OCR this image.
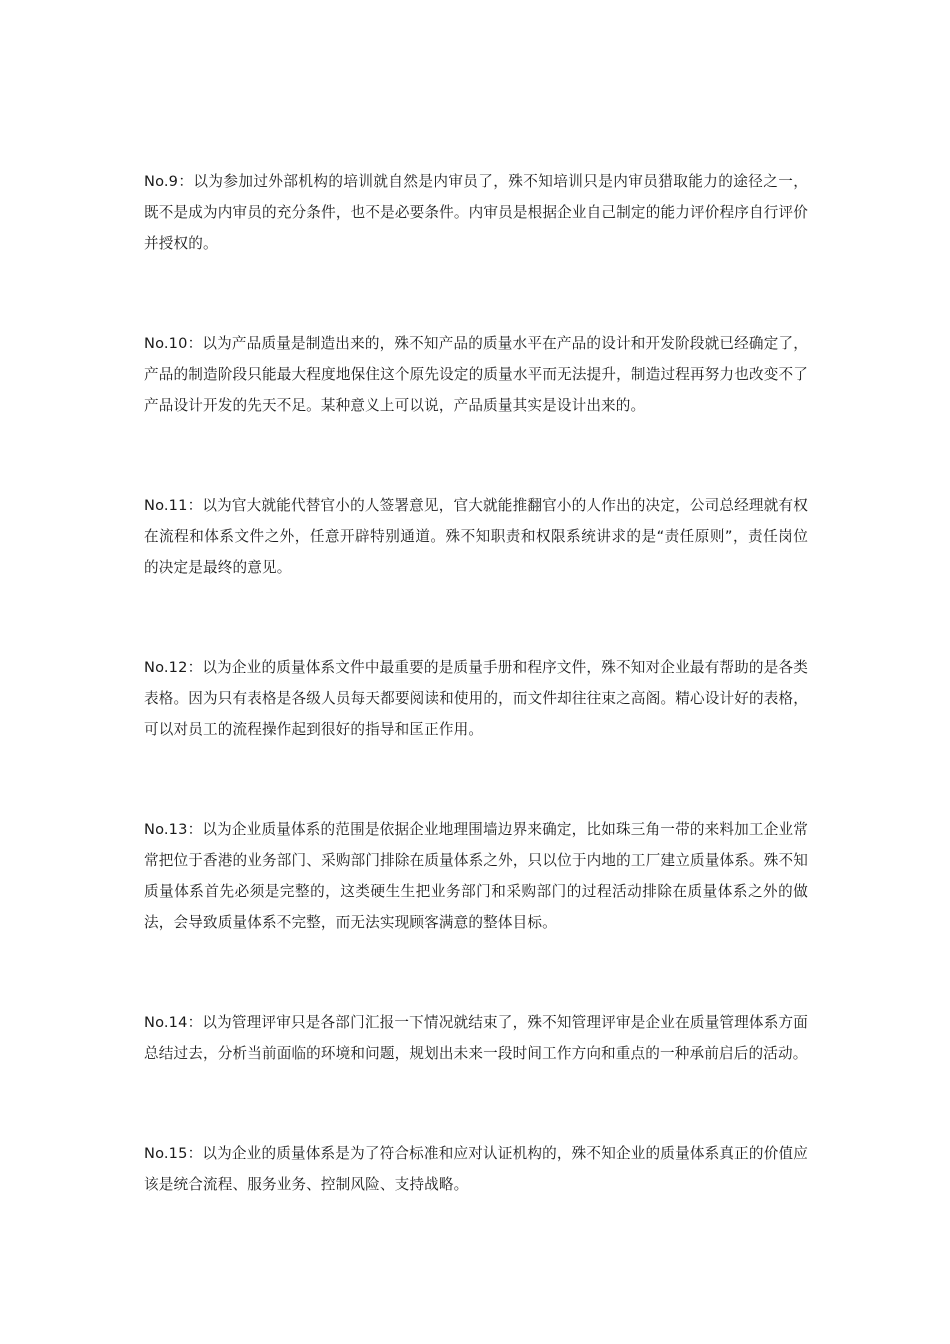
No.9：以为参加过外部机构的培训就自然是内审员了，殊不知培训只是内审员猎取能力的途径之一，既不是成为内审员的充分条件，也不是必要条件。内审员是根据企业自己制定的能力评价程序自行评价并授权的。

No.10：以为产品质量是制造出来的，殊不知产品的质量水平在产品的设计和开发阶段就已经确定了，产品的制造阶段只能最大程度地保住这个原先设定的质量水平而无法提升，制造过程再努力也改变不了产品设计开发的先天不足。某种意义上可以说，产品质量其实是设计出来的。

No.11：以为官大就能代替官小的人签署意见，官大就能推翻官小的人作出的决定，公司总经理就有权在流程和体系文件之外，任意开辟特别通道。殊不知职责和权限系统讲求的是“责任原则”，责任岗位的决定是最终的意见。

No.12：以为企业的质量体系文件中最重要的是质量手册和程序文件，殊不知对企业最有帮助的是各类表格。因为只有表格是各级人员每天都要阅读和使用的，而文件却往往束之高阁。精心设计好的表格，可以对员工的流程操作起到很好的指导和匡正作用。

No.13：以为企业质量体系的范围是依据企业地理围墙边界来确定，比如珠三角一带的来料加工企业常常把位于香港的业务部门、采购部门排除在质量体系之外，只以位于内地的工厂建立质量体系。殊不知质量体系首先必须是完整的，这类硬生生把业务部门和采购部门的过程活动排除在质量体系之外的做法，会导致质量体系不完整，而无法实现顾客满意的整体目标。

No.14：以为管理评审只是各部门汇报一下情况就结束了，殊不知管理评审是企业在质量管理体系方面总结过去，分析当前面临的环境和问题，规划出未来一段时间工作方向和重点的一种承前启后的活动。

No.15：以为企业的质量体系是为了符合标准和应对认证机构的，殊不知企业的质量体系真正的价值应该是统合流程、服务业务、控制风险、支持战略。
